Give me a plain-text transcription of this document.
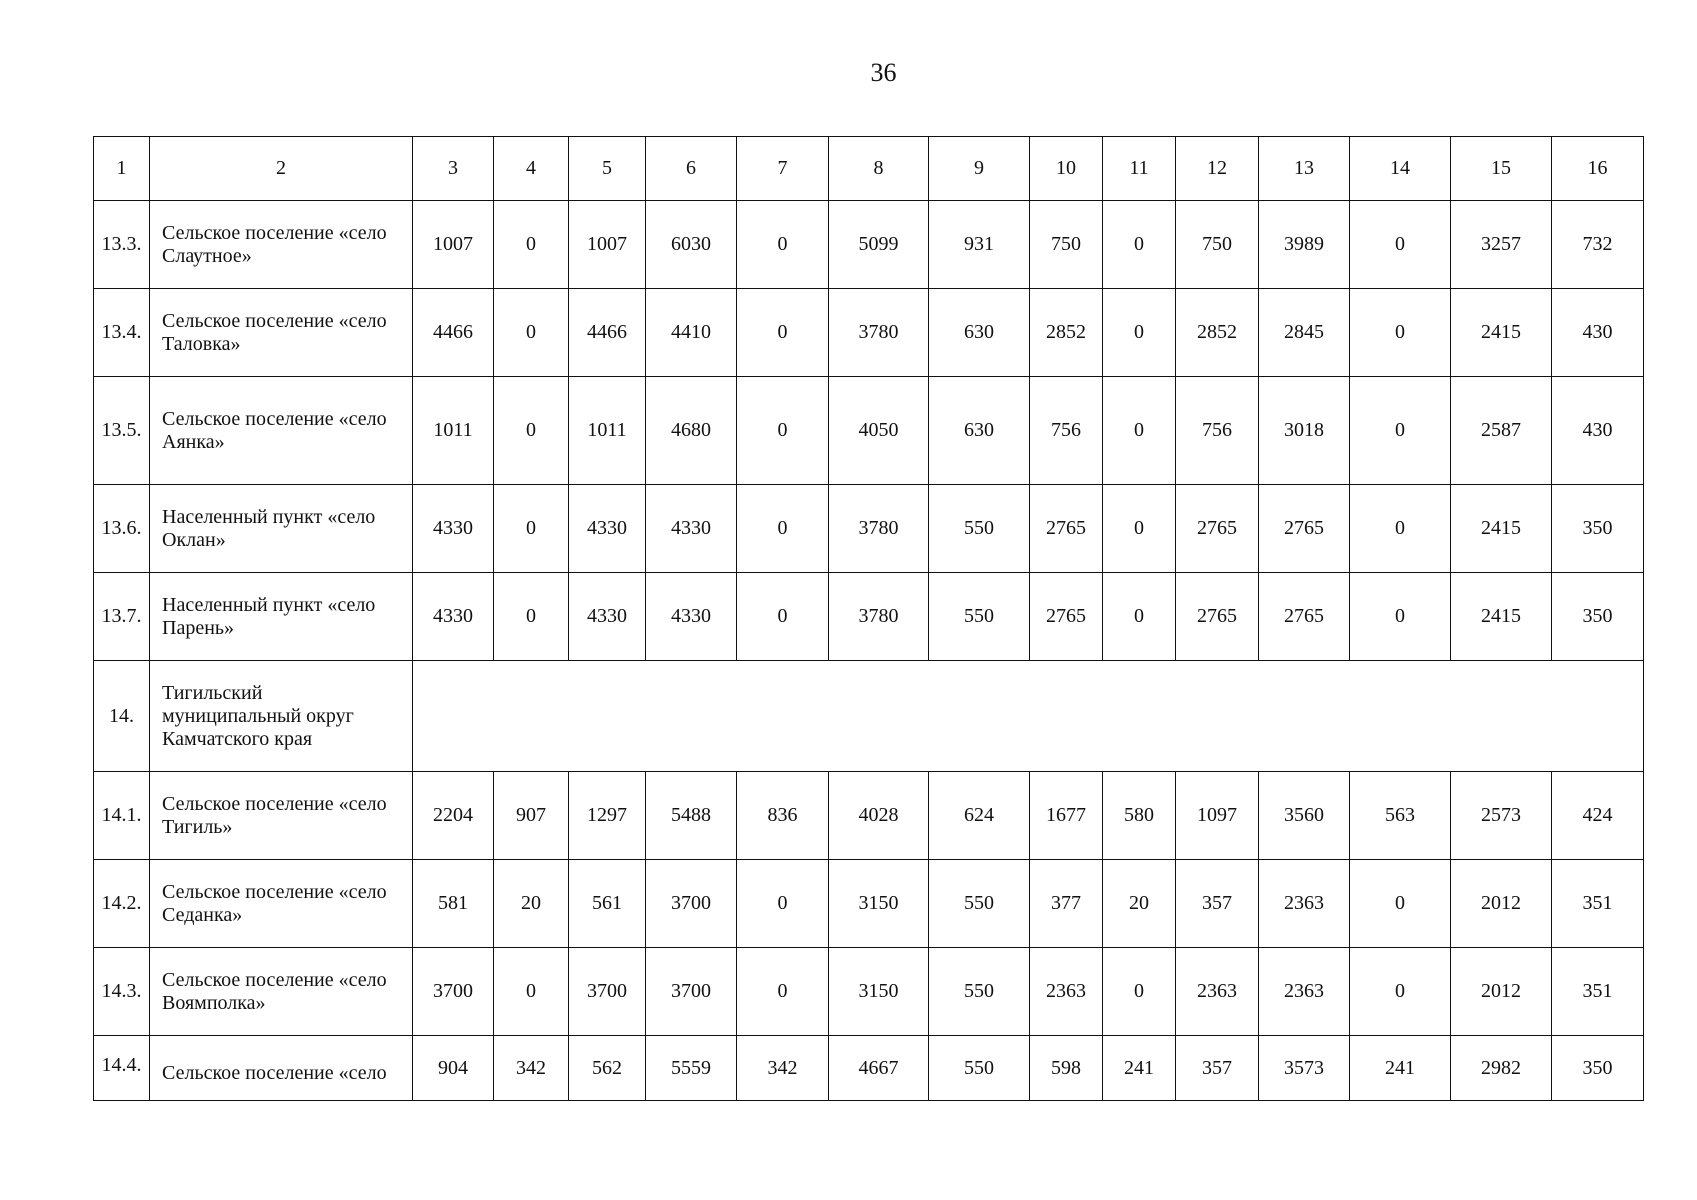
36
1	2	3	4	5	6	7	8	9	10	11	12	13	14	15	16
13.3.	Сельское поселение «село Слаутное»	1007	0	1007	6030	0	5099	931	750	0	750	3989	0	3257	732
13.4.	Сельское поселение «село Таловка»	4466	0	4466	4410	0	3780	630	2852	0	2852	2845	0	2415	430
13.5.	Сельское поселение «село Аянка»	1011	0	1011	4680	0	4050	630	756	0	756	3018	0	2587	430
13.6.	Населенный пункт «село Оклан»	4330	0	4330	4330	0	3780	550	2765	0	2765	2765	0	2415	350
13.7.	Населенный пункт «село Парень»	4330	0	4330	4330	0	3780	550	2765	0	2765	2765	0	2415	350
14.	Тигильский муниципальный округ Камчатского края														
14.1.	Сельское поселение «село Тигиль»	2204	907	1297	5488	836	4028	624	1677	580	1097	3560	563	2573	424
14.2.	Сельское поселение «село Седанка»	581	20	561	3700	0	3150	550	377	20	357	2363	0	2012	351
14.3.	Сельское поселение «село Воямполка»	3700	0	3700	3700	0	3150	550	2363	0	2363	2363	0	2012	351
14.4.	Сельское поселение «село	904	342	562	5559	342	4667	550	598	241	357	3573	241	2982	350
